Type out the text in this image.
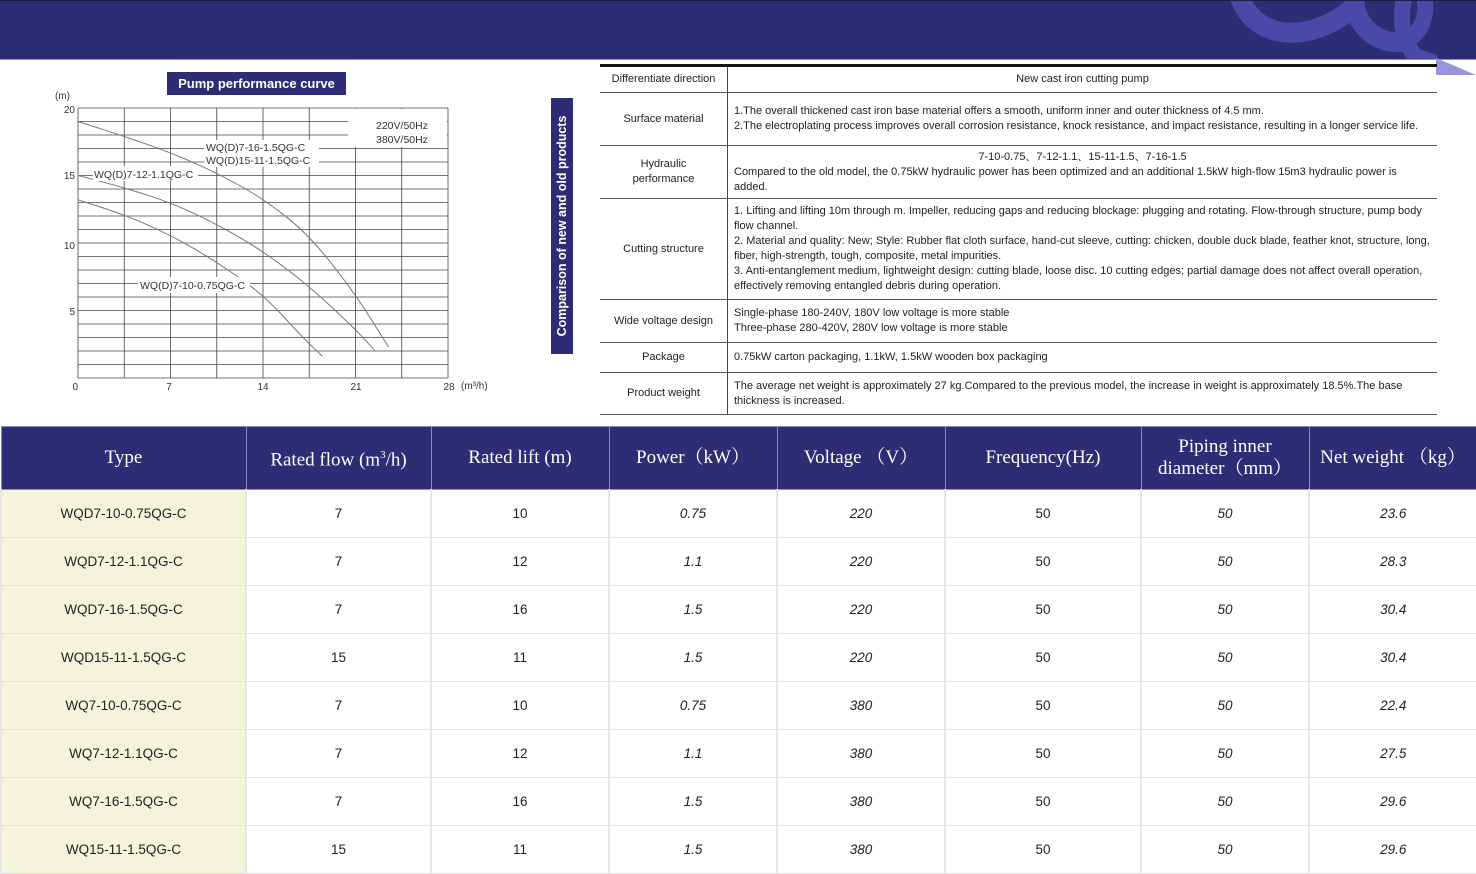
Pump performance curve
220V/50Hz
380V/50Hz
WQ(D)7-16-1.5QG-C
WQ(D)15-11-1.5QG-C
WQ(D)7-12-1.1QG-C
WQ(D)7-10-0.75QG-C
(m)
0	7	14	21	28 (m³/h)
5
10
15
20
Comparison of new and old products
Differentiate direction	New cast iron cutting pump
Surface material	1.The overall thickened cast iron base material offers a smooth, uniform inner and outer thickness of 4.5 mm.
2.The electroplating process improves overall corrosion resistance, knock resistance, and impact resistance, resulting in a longer service life.

Hydraulic performance	7-10-0.75、7-12-1.1、15-11-1.5、7-16-1.5
Compared to the old model, the 0.75kW hydraulic power has been optimized and an additional 1.5kW high-flow 15m3 hydraulic power is added.

Cutting structure	1. Lifting and lifting 10m through m. Impeller, reducing gaps and reducing blockage: plugging and rotating. Flow-through structure, pump body flow channel.
2. Material and quality: New; Style: Rubber flat cloth surface, hand-cut sleeve, cutting: chicken, double duck blade, feather knot, structure, long, fiber, high-strength, tough, composite, metal impurities.
3. Anti-entanglement medium, lightweight design: cutting blade, loose disc. 10 cutting edges; partial damage does not affect overall operation, effectively removing entangled debris during operation.

Wide voltage design	Single-phase 180-240V, 180V low voltage is more stable
Three-phase 280-420V, 280V low voltage is more stable

Package	0.75kW carton packaging, 1.1kW, 1.5kW wooden box packaging

Product weight	The average net weight is approximately 27 kg.Compared to the previous model, the increase in weight is approximately 18.5%.The base thickness is increased.
Type	Rated flow $(m^3/h)$	Rated lift (m)	Power（kW）	Voltage （V）	Frequency(Hz)	Piping inner diameter（mm）	Net weight （kg）
WQD7-10-0.75QG-C	7	10	0.75	220	50	50	23.6
WQD7-12-1.1QG-C	7	12	1.1	220	50	50	28.3
WQD7-16-1.5QG-C	7	16	1.5	220	50	50	30.4
WQD15-11-1.5QG-C	15	11	1.5	220	50	50	30.4
WQ7-10-0.75QG-C	7	10	0.75	380	50	50	22.4
WQ7-12-1.1QG-C	7	12	1.1	380	50	50	27.5
WQ7-16-1.5QG-C	7	16	1.5	380	50	50	29.6
WQ15-11-1.5QG-C	15	11	1.5	380	50	50	29.6
